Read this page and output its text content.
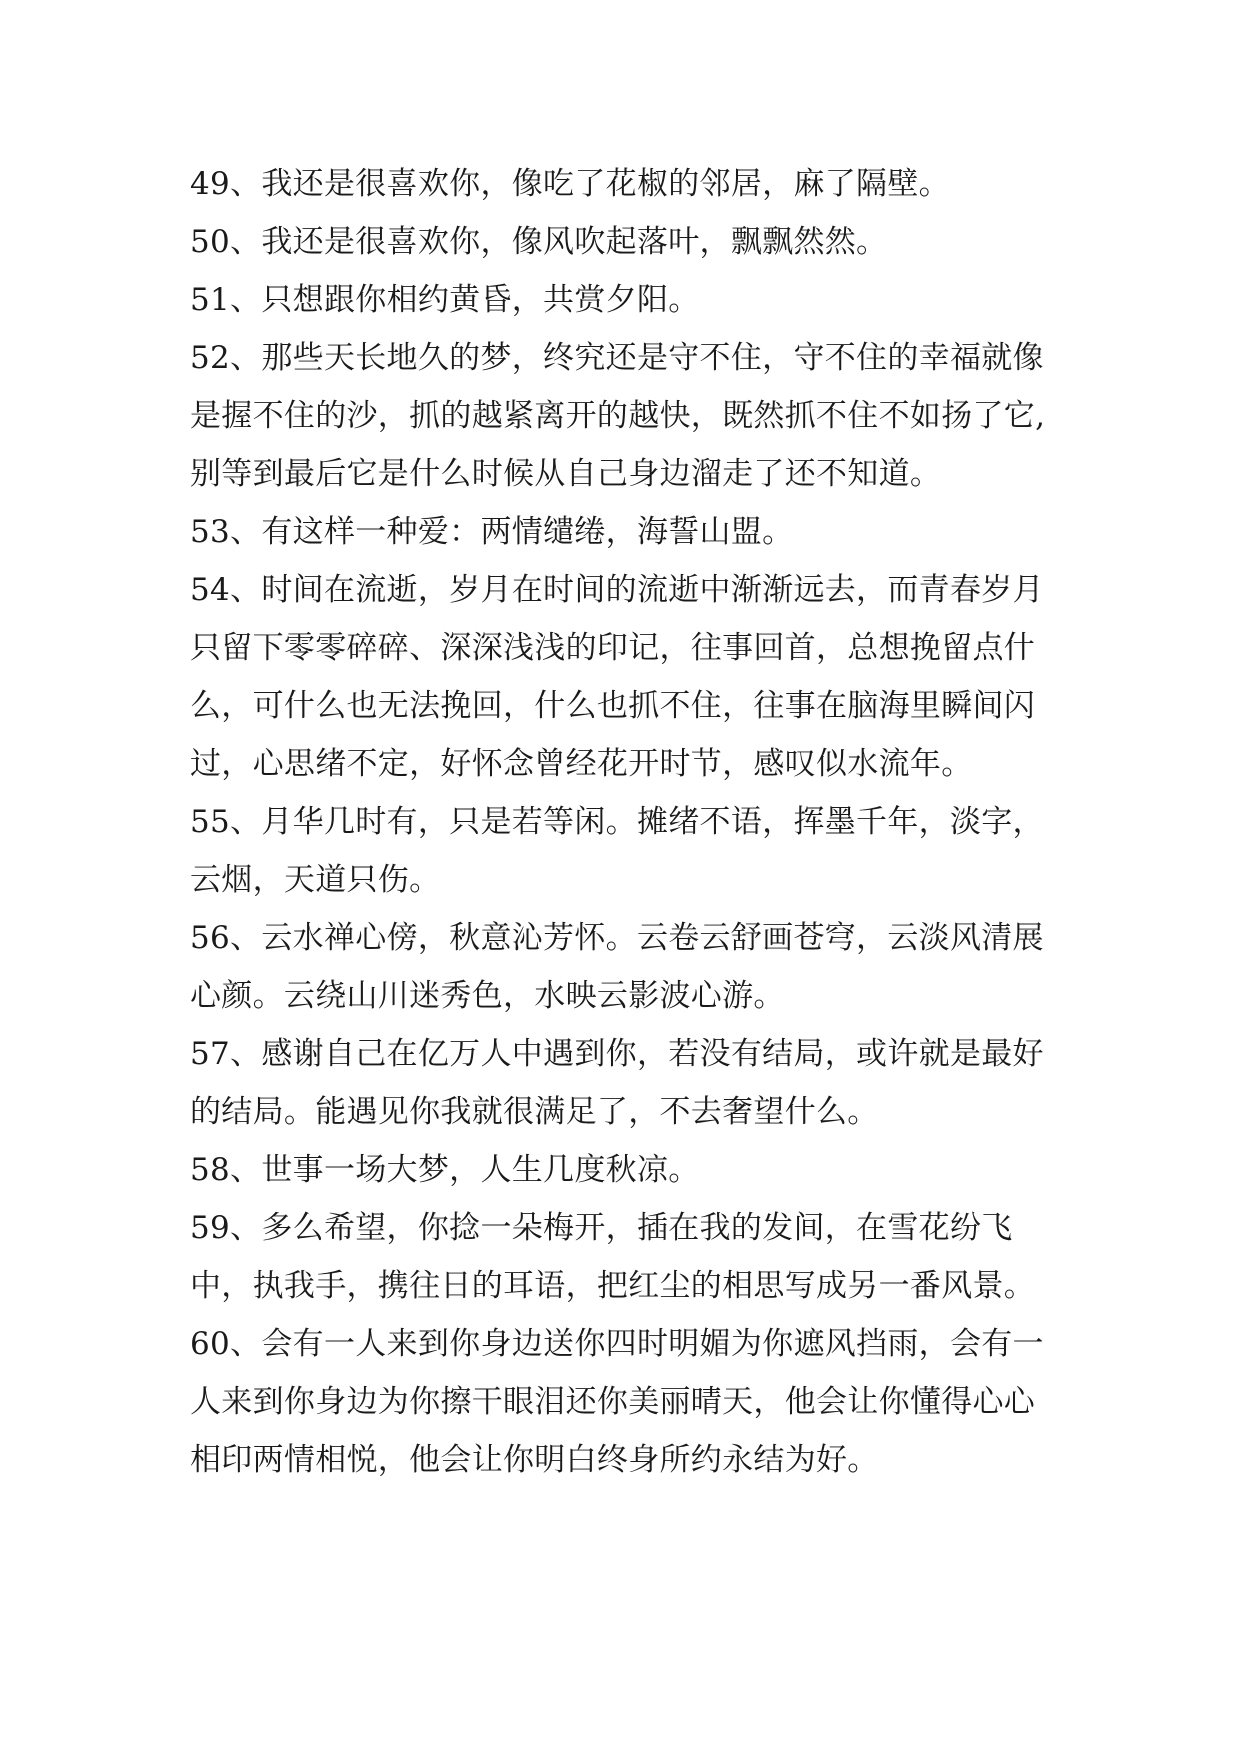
49、我还是很喜欢你，像吃了花椒的邻居，麻了隔壁。

50、我还是很喜欢你，像风吹起落叶，飘飘然然。

51、只想跟你相约黄昏，共赏夕阳。

52、那些天长地久的梦，终究还是守不住，守不住的幸福就像是握不住的沙，抓的越紧离开的越快，既然抓不住不如扬了它,别等到最后它是什么时候从自己身边溜走了还不知道。

53、有这样一种爱：两情缱绻，海誓山盟。

54、时间在流逝，岁月在时间的流逝中渐渐远去，而青春岁月只留下零零碎碎、深深浅浅的印记，往事回首，总想挽留点什么，可什么也无法挽回，什么也抓不住，往事在脑海里瞬间闪过，心思绪不定，好怀念曾经花开时节，感叹似水流年。

55、月华几时有，只是若等闲。摊绪不语，挥墨千年，淡字，云烟，天道只伤。

56、云水禅心傍，秋意沁芳怀。云卷云舒画苍穹，云淡风清展心颜。云绕山川迷秀色，水映云影波心游。

57、感谢自己在亿万人中遇到你，若没有结局，或许就是最好的结局。能遇见你我就很满足了，不去奢望什么。

58、世事一场大梦，人生几度秋凉。

59、多么希望，你捻一朵梅开，插在我的发间，在雪花纷飞中，执我手，携往日的耳语，把红尘的相思写成另一番风景。

60、会有一人来到你身边送你四时明媚为你遮风挡雨，会有一人来到你身边为你擦干眼泪还你美丽晴天，他会让你懂得心心相印两情相悦，他会让你明白终身所约永结为好。
